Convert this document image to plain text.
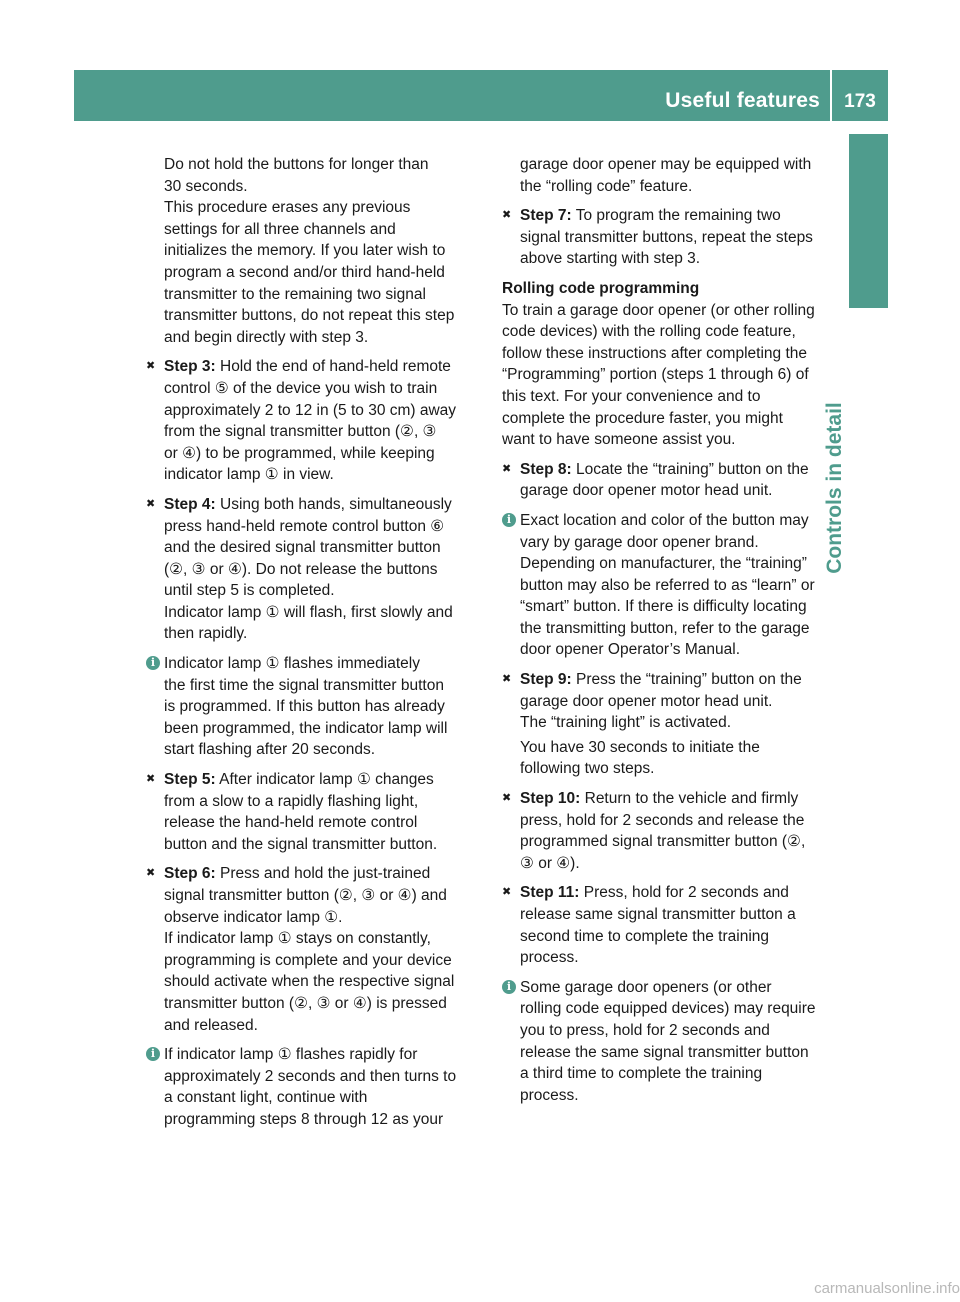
Useful features	173
Controls in detail
Do not hold the buttons for longer than
30 seconds.
This procedure erases any previous
settings for all three channels and
initializes the memory. If you later wish to
program a second and/or third hand-held
transmitter to the remaining two signal
transmitter buttons, do not repeat this step
and begin directly with step 3.
✖ Step 3: Hold the end of hand-held remote
control ⑤ of the device you wish to train
approximately 2 to 12 in (5 to 30 cm) away
from the signal transmitter button (②, ③
or ④) to be programmed, while keeping
indicator lamp ① in view.
✖ Step 4: Using both hands, simultaneously
press hand-held remote control button ⑥
and the desired signal transmitter button
(②, ③ or ④). Do not release the buttons
until step 5 is completed.
Indicator lamp ① will flash, first slowly and
then rapidly.
i Indicator lamp ① flashes immediately
the first time the signal transmitter button
is programmed. If this button has already
been programmed, the indicator lamp will
start flashing after 20 seconds.
✖ Step 5: After indicator lamp ① changes
from a slow to a rapidly flashing light,
release the hand-held remote control
button and the signal transmitter button.
✖ Step 6: Press and hold the just-trained
signal transmitter button (②, ③ or ④) and
observe indicator lamp ①.
If indicator lamp ① stays on constantly,
programming is complete and your device
should activate when the respective signal
transmitter button (②, ③ or ④) is pressed
and released.
i If indicator lamp ① flashes rapidly for
approximately 2 seconds and then turns to
a constant light, continue with
programming steps 8 through 12 as your
garage door opener may be equipped with
the “rolling code” feature.
✖ Step 7: To program the remaining two
signal transmitter buttons, repeat the steps
above starting with step 3.

Rolling code programming

To train a garage door opener (or other rolling
code devices) with the rolling code feature,
follow these instructions after completing the
“Programming” portion (steps 1 through 6) of
this text. For your convenience and to
complete the procedure faster, you might
want to have someone assist you.
✖ Step 8: Locate the “training” button on the
garage door opener motor head unit.
i Exact location and color of the button may
vary by garage door opener brand.
Depending on manufacturer, the “training”
button may also be referred to as “learn” or
“smart” button. If there is difficulty locating
the transmitting button, refer to the garage
door opener Operator’s Manual.
✖ Step 9: Press the “training” button on the
garage door opener motor head unit.
The “training light” is activated.
You have 30 seconds to initiate the
following two steps.
✖ Step 10: Return to the vehicle and firmly
press, hold for 2 seconds and release the
programmed signal transmitter button (②,
③ or ④).
✖ Step 11: Press, hold for 2 seconds and
release same signal transmitter button a
second time to complete the training
process.
i Some garage door openers (or other
rolling code equipped devices) may require
you to press, hold for 2 seconds and
release the same signal transmitter button
a third time to complete the training
process.
carmanualsonline.info
